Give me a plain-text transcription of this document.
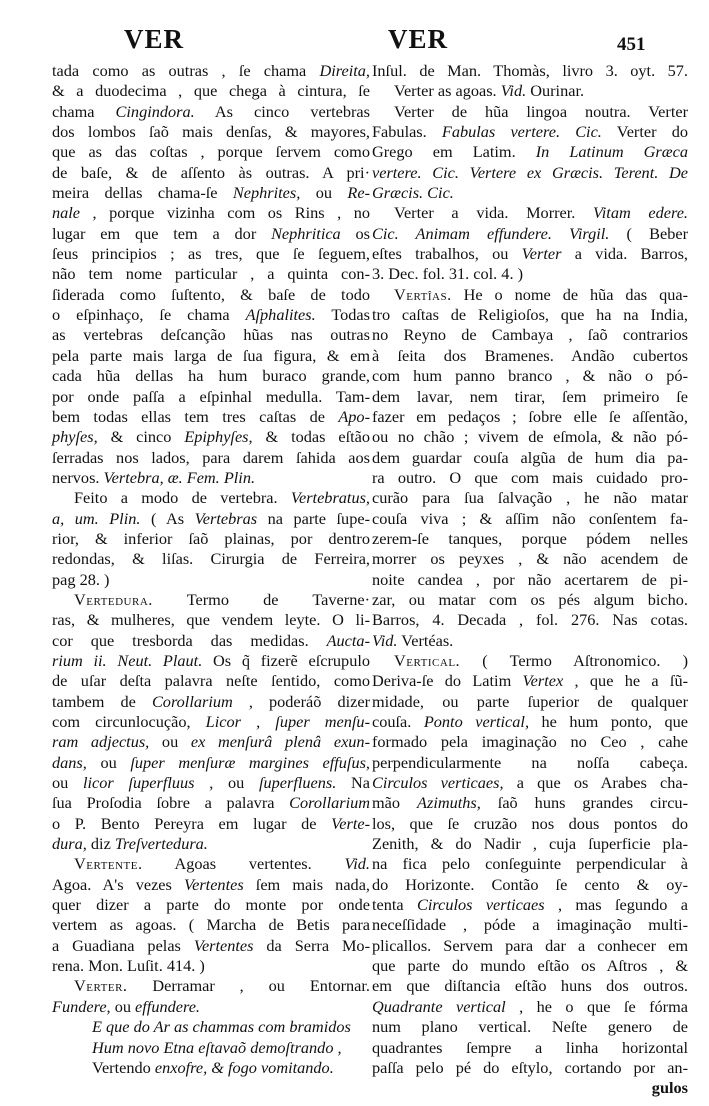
VER	VER	451
tada como as outras , ſe chama Direita,
& a duodecima , que chega à cintura, ſe
chama Cingindora. As cinco vertebras
dos lombos ſaõ mais denſas, & mayores,
que as das coſtas , porque ſervem como
de baſe, & de aſſento às outras. A pri·
meira dellas chama-ſe Nephrites, ou Re-
nale , porque vizinha com os Rins , no
lugar em que tem a dor Nephritica os
ſeus principios ; as tres, que ſe ſeguem,
não tem nome particular , a quinta con-
ſiderada como ſuſtento, & baſe de todo
o eſpinhaço, ſe chama Aſphalites. Todas
as vertebras deſcanção hũas nas outras
pela parte mais larga de ſua figura, & em
cada hũa dellas ha hum buraco grande,
por onde paſſa a eſpinhal medulla. Tam-
bem todas ellas tem tres caſtas de Apo-
phyſes, & cinco Epiphyſes, & todas eſtão
ſerradas nos lados, para darem ſahida aos
nervos. Vertebra, æ. Fem. Plin.
Feito a modo de vertebra. Vertebratus,
a, um. Plin. ( As Vertebras na parte ſupe-
rior, & inferior ſaõ plainas, por dentro
redondas, & liſas. Cirurgia de Ferreira,
pag 28. )
Vertedura. Termo de Taverne·
ras, & mulheres, que vendem leyte. O li-
cor que tresborda das medidas. Aucta-
rium ii. Neut. Plaut. Os q̃ fizerẽ eſcrupulo
de uſar deſta palavra neſte ſentido, como
tambem de Corollarium , poderáõ dizer
com circunlocução, Licor , ſuper menſu-
ram adjectus, ou ex menſurâ plenâ exun-
dans, ou ſuper menſuræ margines effuſus,
ou licor ſuperfluus , ou ſuperfluens. Na
ſua Proſodia ſobre a palavra Corollarium
o P. Bento Pereyra em lugar de Verte-
dura, diz Treſvertedura.
Vertente. Agoas vertentes. Vid.
Agoa. A's vezes Vertentes ſem mais nada,
quer dizer a parte do monte por onde
vertem as agoas. ( Marcha de Betis para
a Guadiana pelas Vertentes da Serra Mo-
rena. Mon. Luſit. 414. )
Verter. Derramar , ou Entornar.
Fundere, ou effundere.
E que do Ar as chammas com bramidos
Hum novo Etna eſtavaõ demoſtrando ,
Vertendo enxofre, & fogo vomitando.
Inſul. de Man. Thomàs, livro 3. oyt. 57.
Verter as agoas. Vid. Ourinar.
Verter de hũa lingoa noutra. Verter
Fabulas. Fabulas vertere. Cic. Verter do
Grego em Latim. In Latinum Græca
vertere. Cic. Vertere ex Græcis. Terent. De
Græcis. Cic.
Verter a vida. Morrer. Vitam edere.
Cic. Animam effundere. Virgil. ( Beber
eſtes trabalhos, ou Verter a vida. Barros,
3. Dec. fol. 31. col. 4. )
Vertîas. He o nome de hũa das qua-
tro caſtas de Religioſos, que ha na India,
no Reyno de Cambaya , ſaõ contrarios
à ſeita dos Bramenes. Andão cubertos
com hum panno branco , & não o pó-
dem lavar, nem tirar, ſem primeiro ſe
fazer em pedaços ; ſobre elle ſe aſſentão,
ou no chão ; vivem de eſmola, & não pó-
dem guardar couſa algũa de hum dia pa-
ra outro. O que com mais cuidado pro-
curão para ſua ſalvação , he não matar
couſa viva ; & aſſim não conſentem fa-
zerem-ſe tanques, porque pódem nelles
morrer os peyxes , & não acendem de
noite candea , por não acertarem de pi-
zar, ou matar com os pés algum bicho.
Barros, 4. Decada , fol. 276. Nas cotas.
Vid. Vertéas.
Vertical. ( Termo Aſtronomico. )
Deriva-ſe do Latim Vertex , que he a ſũ-
midade, ou parte ſuperior de qualquer
couſa. Ponto vertical, he hum ponto, que
formado pela imaginação no Ceo , cahe
perpendicularmente na noſſa cabeça.
Circulos verticaes, a que os Arabes cha-
mão Azimuths, ſaõ huns grandes circu-
los, que ſe cruzão nos dous pontos do
Zenith, & do Nadir , cuja ſuperficie pla-
na fica pelo conſeguinte perpendicular à
do Horizonte. Contão ſe cento & oy-
tenta Circulos verticaes , mas ſegundo a
neceſſidade , póde a imaginação multi-
plicallos. Servem para dar a conhecer em
que parte do mundo eſtão os Aſtros , &
em que diſtancia eſtão huns dos outros.
Quadrante vertical , he o que ſe fórma
num plano vertical. Neſte genero de
quadrantes ſempre a linha horizontal
paſſa pelo pé do eſtylo, cortando por an-
gulos
